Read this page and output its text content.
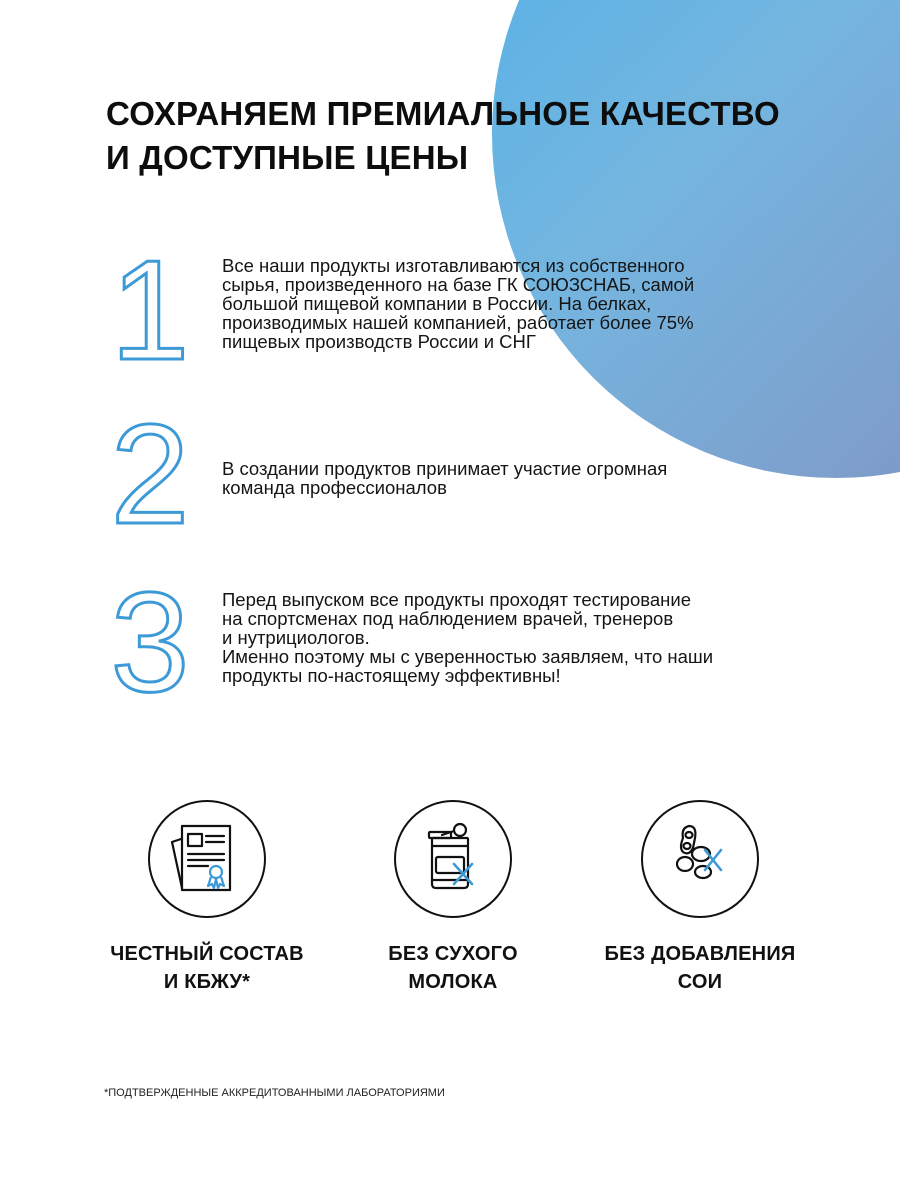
СОХРАНЯЕМ ПРЕМИАЛЬНОЕ КАЧЕСТВО
И ДОСТУПНЫЕ ЦЕНЫ
1	Все наши продукты изготавливаются из собственного
сырья, произведенного на базе ГК СОЮЗСНАБ, самой
большой пищевой компании в России. На белках,
производимых нашей компанией, работает более 75%
пищевых производств России и СНГ
2	В создании продуктов принимает участие огромная
команда профессионалов
3	Перед выпуском все продукты проходят тестирование
на спортсменах под наблюдением врачей, тренеров
и нутрициологов.
Именно поэтому мы с уверенностью заявляем, что наши
продукты по-настоящему эффективны!
ЧЕСТНЫЙ СОСТАВ
И КБЖУ*
БЕЗ СУХОГО
МОЛОКА
БЕЗ ДОБАВЛЕНИЯ
СОИ
*ПОДТВЕРЖДЕННЫЕ АККРЕДИТОВАННЫМИ ЛАБОРАТОРИЯМИ
